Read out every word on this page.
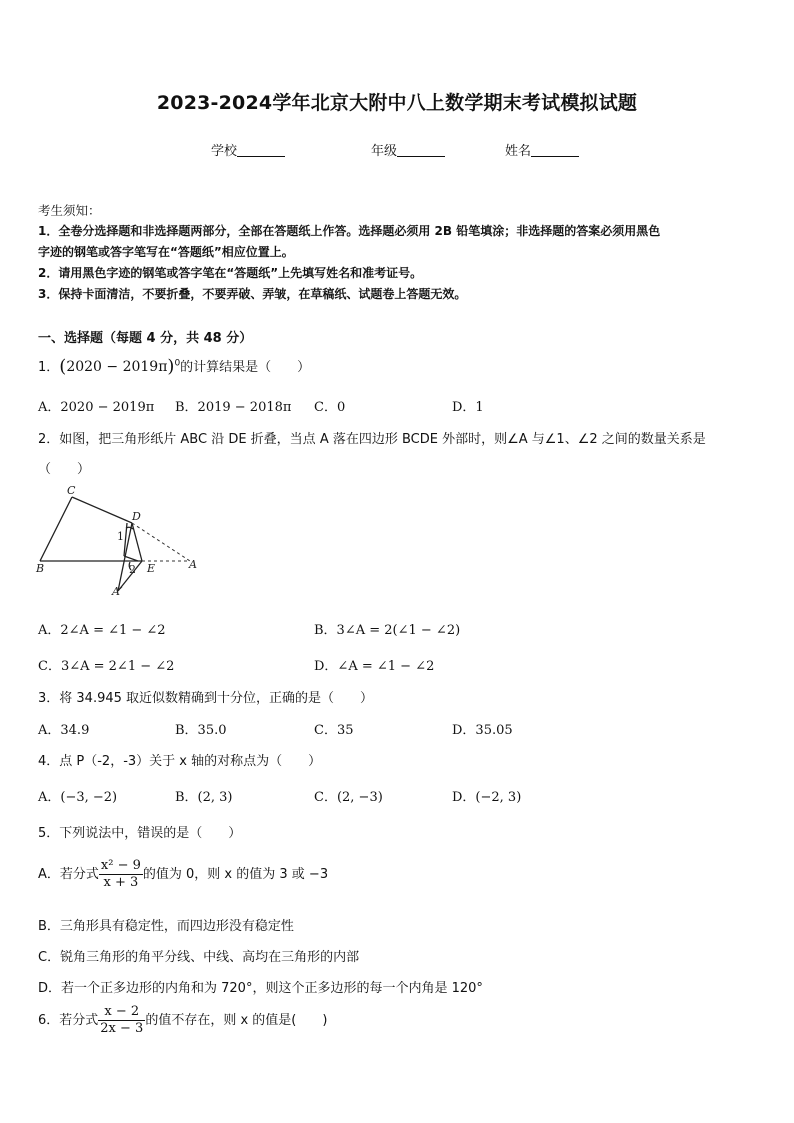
2023-2024学年北京大附中八上数学期末考试模拟试题
学校	年级	姓名
考生须知：
1．全卷分选择题和非选择题两部分，全部在答题纸上作答。选择题必须用 2B 铅笔填涂；非选择题的答案必须用黑色
字迹的钢笔或答字笔写在“答题纸”相应位置上。
2．请用黑色字迹的钢笔或答字笔在“答题纸”上先填写姓名和准考证号。
3．保持卡面清洁，不要折叠，不要弄破、弄皱，在草稿纸、试题卷上答题无效。
一、选择题（每题 4 分，共 48 分）
1．$(2020 - 2019\pi)^0$的计算结果是（　　）
A．2020 − 2019π B．2019 − 2018π C．0	D．1
2．如图，把三角形纸片 ABC 沿 DE 折叠，当点 A 落在四边形 BCDE 外部时，则∠A 与∠1、∠2 之间的数量关系是
（　　）
C
D
B	E	A
A′
1
2
A．2∠A = ∠1 − ∠2	B．3∠A = 2(∠1 − ∠2)
C．3∠A = 2∠1 − ∠2	D．∠A = ∠1 − ∠2
3．将 34.945 取近似数精确到十分位，正确的是（　　）
A．34.9	B．35.0	C．35	D．35.05
4．点 P（-2，-3）关于 x 轴的对称点为（　　）
A．(−3, −2)	B．(2, 3)	C．(2, −3)	D．(−2, 3)
5．下列说法中，错误的是（　　）
A．若分式 $\frac{\text{x² − 9}}{x + 3}$ 的值为 0，则 x 的值为 3 或 −3
B．三角形具有稳定性，而四边形没有稳定性
C．锐角三角形的角平分线、中线、高均在三角形的内部
D．若一个正多边形的内角和为 720°，则这个正多边形的每一个内角是 120°
6．若分式 $\frac{x - 2}{2x - 3}$ 的值不存在，则 x 的值是(　　)
